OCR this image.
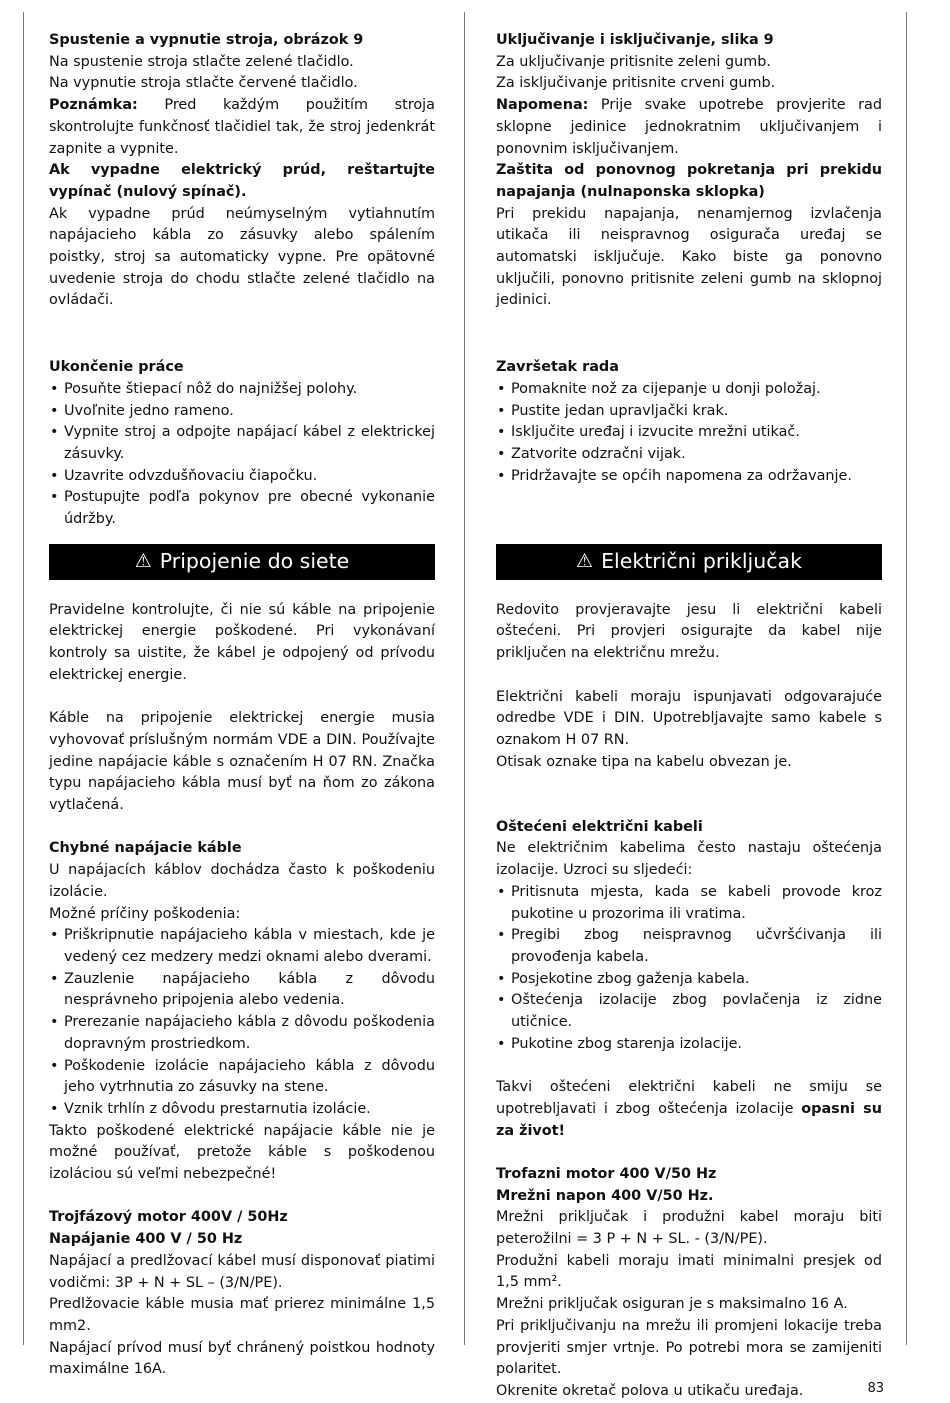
Spustenie a vypnutie stroja, obrázok 9

Na spustenie stroja stlačte zelené tlačidlo.

Na vypnutie stroja stlačte červené tlačidlo.

Poznámka: Pred každým použitím stroja skontrolujte funkčnosť tlačidiel tak, že stroj jedenkrát zapnite a vypnite.

Ak vypadne elektrický prúd, reštartujte vypínač (nulový spínač).

Ak vypadne prúd neúmyselným vytiahnutím napájacieho kábla zo zásuvky alebo spálením poistky, stroj sa automaticky vypne. Pre opätovné uvedenie stroja do chodu stlačte zelené tlačidlo na ovládači.

Ukončenie práce

• Posuňte štiepací nôž do najnižšej polohy.
• Uvoľnite jedno rameno.
• Vypnite stroj a odpojte napájací kábel z elektrickej zásuvky.
• Uzavrite odvzdušňovaciu čiapočku.
• Postupujte podľa pokynov pre obecné vykonanie údržby.
⚠ Pripojenie do siete

Pravidelne kontrolujte, či nie sú káble na pripojenie elektrickej energie poškodené. Pri vykonávaní kontroly sa uistite, že kábel je odpojený od prívodu elektrickej energie.

Káble na pripojenie elektrickej energie musia vyhovovať príslušným normám VDE a DIN. Používajte jedine napájacie káble s označením H 07 RN. Značka typu napájacieho kábla musí byť na ňom zo zákona vytlačená.

Chybné napájacie káble

U napájacích káblov dochádza často k poškodeniu izolácie.

Možné príčiny poškodenia:

• Priškripnutie napájacieho kábla v miestach, kde je vedený cez medzery medzi oknami alebo dverami.
• Zauzlenie napájacieho kábla z dôvodu nesprávneho pripojenia alebo vedenia.
• Prerezanie napájacieho kábla z dôvodu poškodenia dopravným prostriedkom.
• Poškodenie izolácie napájacieho kábla z dôvodu jeho vytrhnutia zo zásuvky na stene.
• Vznik trhlín z dôvodu prestarnutia izolácie.

Takto poškodené elektrické napájacie káble nie je možné používať, pretože káble s poškodenou izoláciou sú veľmi nebezpečné!

Trojfázový motor 400V / 50Hz

Napájanie 400 V / 50 Hz

Napájací a predlžovací kábel musí disponovať piatimi vodičmi: 3P + N + SL – (3/N/PE).

Predlžovacie káble musia mať prierez minimálne 1,5 mm2.

Napájací prívod musí byť chránený poistkou hodnoty maximálne 16A.

Uključivanje i isključivanje, slika 9

Za uključivanje pritisnite zeleni gumb.

Za isključivanje pritisnite crveni gumb.

Napomena: Prije svake upotrebe provjerite rad sklopne jedinice jednokratnim uključivanjem i ponovnim isključivanjem.

Zaštita od ponovnog pokretanja pri prekidu napajanja (nulnaponska sklopka)

Pri prekidu napajanja, nenamjernog izvlačenja utikača ili neispravnog osigurača uređaj se automatski isključuje. Kako biste ga ponovno uključili, ponovno pritisnite zeleni gumb na sklopnoj jedinici.

Završetak rada

• Pomaknite nož za cijepanje u donji položaj.
• Pustite jedan upravljački krak.
• Isključite uređaj i izvucite mrežni utikač.
• Zatvorite odzračni vijak.
• Pridržavajte se općih napomena za održavanje.
⚠ Električni priključak

Redovito provjeravajte jesu li električni kabeli oštećeni. Pri provjeri osigurajte da kabel nije priključen na električnu mrežu.

Električni kabeli moraju ispunjavati odgovarajuće odredbe VDE i DIN. Upotrebljavajte samo kabele s oznakom H 07 RN.

Otisak oznake tipa na kabelu obvezan je.

Oštećeni električni kabeli

Ne električnim kabelima često nastaju oštećenja izolacije. Uzroci su sljedeći:

• Pritisnuta mjesta, kada se kabeli provode kroz pukotine u prozorima ili vratima.
• Pregibi zbog neispravnog učvršćivanja ili provođenja kabela.
• Posjekotine zbog gaženja kabela.
• Oštećenja izolacije zbog povlačenja iz zidne utičnice.
• Pukotine zbog starenja izolacije.

Takvi oštećeni električni kabeli ne smiju se upotrebljavati i zbog oštećenja izolacije opasni su za život!

Trofazni motor 400 V/50 Hz

Mrežni napon 400 V/50 Hz.

Mrežni priključak i produžni kabel moraju biti peterožilni = 3 P + N + SL. - (3/N/PE).

Produžni kabeli moraju imati minimalni presjek od 1,5 mm².

Mrežni priključak osiguran je s maksimalno 16 A.

Pri priključivanju na mrežu ili promjeni lokacije treba provjeriti smjer vrtnje. Po potrebi mora se zamijeniti polaritet.

Okrenite okretač polova u utikaču uređaja.	83
